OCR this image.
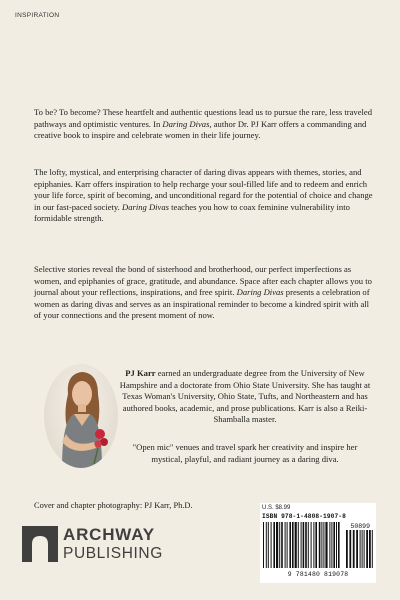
INSPIRATION

To be? To become? These heartfelt and authentic questions lead us to pursue the rare, less traveled pathways and optimistic ventures. In Daring Divas, author Dr. PJ Karr offers a commanding and creative book to inspire and celebrate women in their life journey.

The lofty, mystical, and enterprising character of daring divas appears with themes, stories, and epiphanies. Karr offers inspiration to help recharge your soul-filled life and to redeem and enrich your life force, spirit of becoming, and unconditional regard for the potential of choice and change in our fast-paced society. Daring Divas teaches you how to coax feminine vulnerability into formidable strength.

Selective stories reveal the bond of sisterhood and brotherhood, our perfect imperfections as women, and epiphanies of grace, gratitude, and abundance. Space after each chapter allows you to journal about your reflections, inspirations, and free spirit. Daring Divas presents a celebration of women as daring divas and serves as an inspirational reminder to become a kindred spirit with all of your connections and the present moment of now.

PJ Karr earned an undergraduate degree from the University of New Hampshire and a doctorate from Ohio State University. She has taught at Texas Woman's University, Ohio State, Tufts, and Northeastern and has authored books, academic, and prose publications. Karr is also a Reiki-Shamballa master.

"Open mic" venues and travel spark her creativity and inspire her mystical, playful, and radiant journey as a daring diva.

Cover and chapter photography: PJ Karr, Ph.D.

ARCHWAY
PUBLISHING
U.S. $8.99
ISBN 978-1-4808-1907-8
50899
9 781480 819078
